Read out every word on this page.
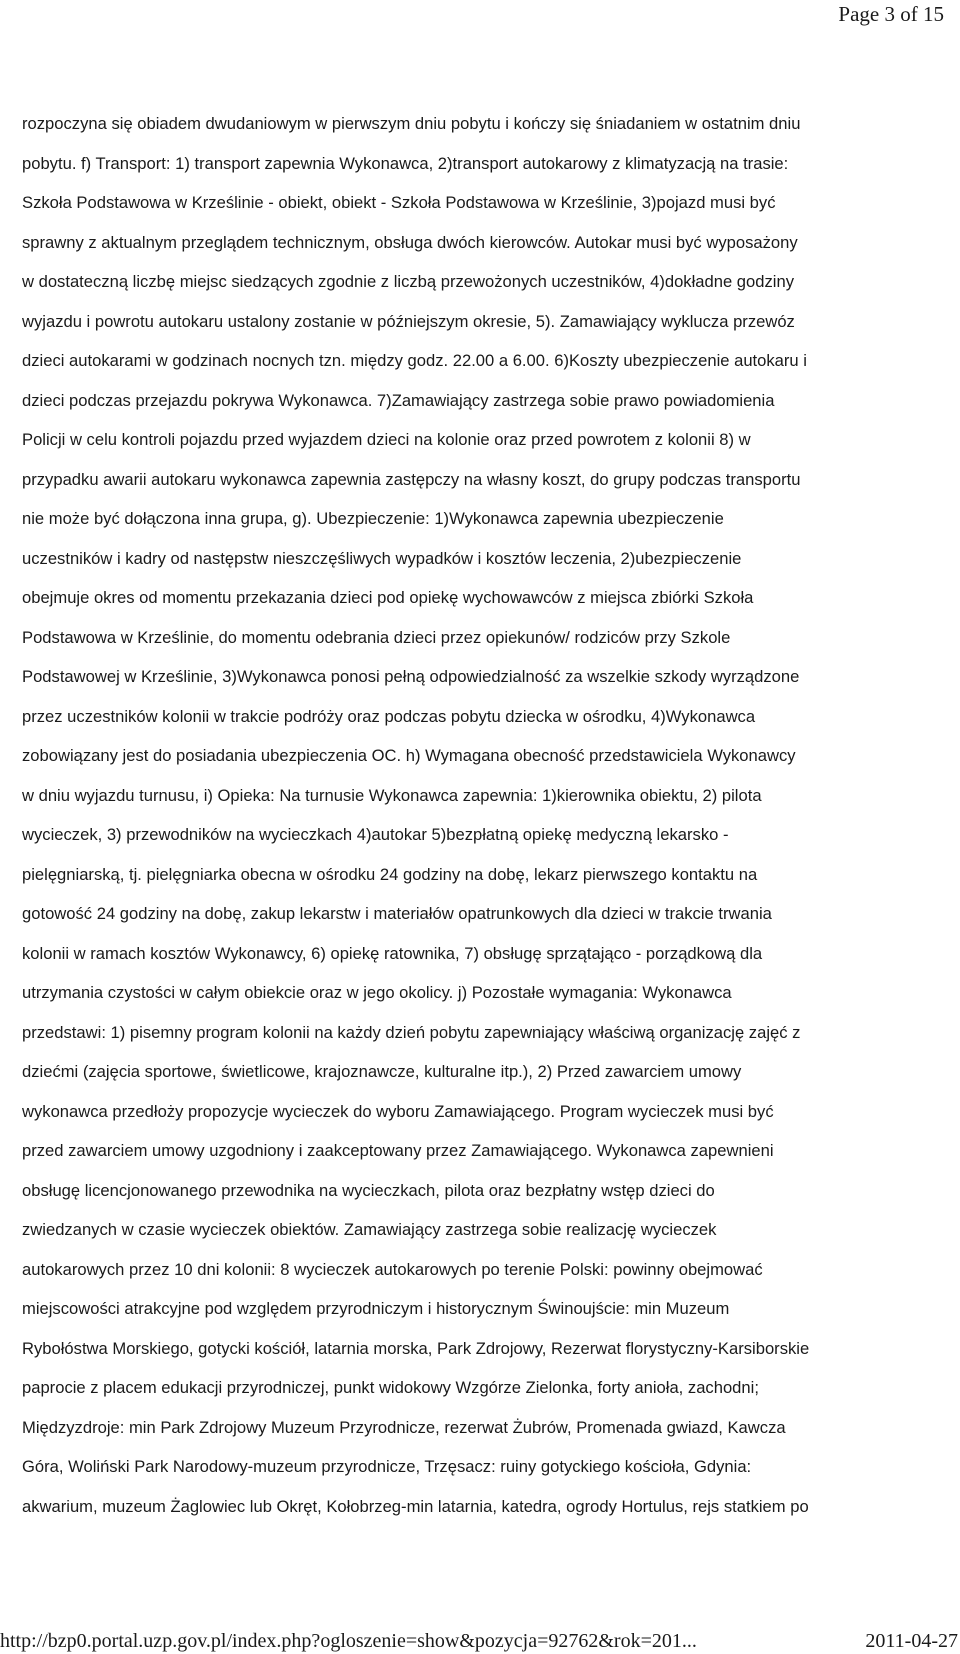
Page 3 of 15
rozpoczyna się obiadem dwudaniowym w pierwszym dniu pobytu i kończy się śniadaniem w ostatnim dniu
pobytu. f) Transport: 1) transport zapewnia Wykonawca, 2)transport autokarowy z klimatyzacją na trasie:
Szkoła Podstawowa w Krześlinie - obiekt, obiekt - Szkoła Podstawowa w Krześlinie, 3)pojazd musi być
sprawny z aktualnym przeglądem technicznym, obsługa dwóch kierowców. Autokar musi być wyposażony
w dostateczną liczbę miejsc siedzących zgodnie z liczbą przewożonych uczestników, 4)dokładne godziny
wyjazdu i powrotu autokaru ustalony zostanie w późniejszym okresie, 5). Zamawiający wyklucza przewóz
dzieci autokarami w godzinach nocnych tzn. między godz. 22.00 a 6.00. 6)Koszty ubezpieczenie autokaru i
dzieci podczas przejazdu pokrywa Wykonawca. 7)Zamawiający zastrzega sobie prawo powiadomienia
Policji w celu kontroli pojazdu przed wyjazdem dzieci na kolonie oraz przed powrotem z kolonii 8) w
przypadku awarii autokaru wykonawca zapewnia zastępczy na własny koszt, do grupy podczas transportu
nie może być dołączona inna grupa, g). Ubezpieczenie: 1)Wykonawca zapewnia ubezpieczenie
uczestników i kadry od następstw nieszczęśliwych wypadków i kosztów leczenia, 2)ubezpieczenie
obejmuje okres od momentu przekazania dzieci pod opiekę wychowawców z miejsca zbiórki Szkoła
Podstawowa w Krześlinie, do momentu odebrania dzieci przez opiekunów/ rodziców przy Szkole
Podstawowej w Krześlinie, 3)Wykonawca ponosi pełną odpowiedzialność za wszelkie szkody wyrządzone
przez uczestników kolonii w trakcie podróży oraz podczas pobytu dziecka w ośrodku, 4)Wykonawca
zobowiązany jest do posiadania ubezpieczenia OC. h) Wymagana obecność przedstawiciela Wykonawcy
w dniu wyjazdu turnusu, i) Opieka: Na turnusie Wykonawca zapewnia: 1)kierownika obiektu, 2) pilota
wycieczek, 3) przewodników na wycieczkach 4)autokar 5)bezpłatną opiekę medyczną lekarsko -
pielęgniarską, tj. pielęgniarka obecna w ośrodku 24 godziny na dobę, lekarz pierwszego kontaktu na
gotowość 24 godziny na dobę, zakup lekarstw i materiałów opatrunkowych dla dzieci w trakcie trwania
kolonii w ramach kosztów Wykonawcy, 6) opiekę ratownika, 7) obsługę sprzątająco - porządkową dla
utrzymania czystości w całym obiekcie oraz w jego okolicy. j) Pozostałe wymagania: Wykonawca
przedstawi: 1) pisemny program kolonii na każdy dzień pobytu zapewniający właściwą organizację zajęć z
dziećmi (zajęcia sportowe, świetlicowe, krajoznawcze, kulturalne itp.), 2) Przed zawarciem umowy
wykonawca przedłoży propozycje wycieczek do wyboru Zamawiającego. Program wycieczek musi być
przed zawarciem umowy uzgodniony i zaakceptowany przez Zamawiającego. Wykonawca zapewnieni
obsługę licencjonowanego przewodnika na wycieczkach, pilota oraz bezpłatny wstęp dzieci do
zwiedzanych w czasie wycieczek obiektów. Zamawiający zastrzega sobie realizację wycieczek
autokarowych przez 10 dni kolonii: 8 wycieczek autokarowych po terenie Polski: powinny obejmować
miejscowości atrakcyjne pod względem przyrodniczym i historycznym Świnoujście: min Muzeum
Rybołóstwa Morskiego, gotycki kościół, latarnia morska, Park Zdrojowy, Rezerwat florystyczny-Karsiborskie
paprocie z placem edukacji przyrodniczej, punkt widokowy Wzgórze Zielonka, forty anioła, zachodni;
Międzyzdroje: min Park Zdrojowy Muzeum Przyrodnicze, rezerwat Żubrów, Promenada gwiazd, Kawcza
Góra, Woliński Park Narodowy-muzeum przyrodnicze, Trzęsacz: ruiny gotyckiego kościoła, Gdynia:
akwarium, muzeum Żaglowiec lub Okręt, Kołobrzeg-min latarnia, katedra, ogrody Hortulus, rejs statkiem po
http://bzp0.portal.uzp.gov.pl/index.php?ogloszenie=show&pozycja=92762&rok=201...	2011-04-27
